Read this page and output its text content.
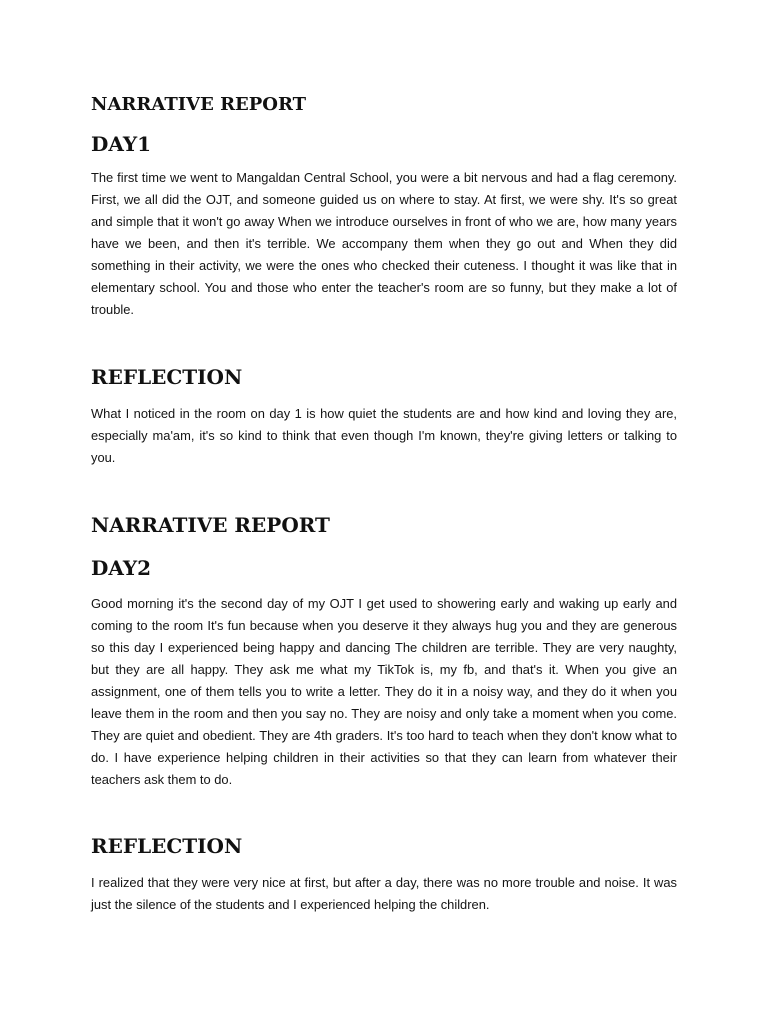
NARRATIVE REPORT
DAY1

The first time we went to Mangaldan Central School, you were a bit nervous and had a flag ceremony. First, we all did the OJT, and someone guided us on where to stay. At first, we were shy. It's so great and simple that it won't go away When we introduce ourselves in front of who we are, how many years have we been, and then it's terrible. We accompany them when they go out and When they did something in their activity, we were the ones who checked their cuteness. I thought it was like that in elementary school. You and those who enter the teacher's room are so funny, but they make a lot of trouble.

REFLECTION

What I noticed in the room on day 1 is how quiet the students are and how kind and loving they are, especially ma'am, it's so kind to think that even though I'm known, they're giving letters or talking to you.

NARRATIVE REPORT
DAY2

Good morning it's the second day of my OJT I get used to showering early and waking up early and coming to the room It's fun because when you deserve it they always hug you and they are generous so this day I experienced being happy and dancing The children are terrible. They are very naughty, but they are all happy. They ask me what my TikTok is, my fb, and that's it. When you give an assignment, one of them tells you to write a letter. They do it in a noisy way, and they do it when you leave them in the room and then you say no. They are noisy and only take a moment when you come. They are quiet and obedient. They are 4th graders. It's too hard to teach when they don't know what to do. I have experience helping children in their activities so that they can learn from whatever their teachers ask them to do.

REFLECTION

I realized that they were very nice at first, but after a day, there was no more trouble and noise. It was just the silence of the students and I experienced helping the children.
